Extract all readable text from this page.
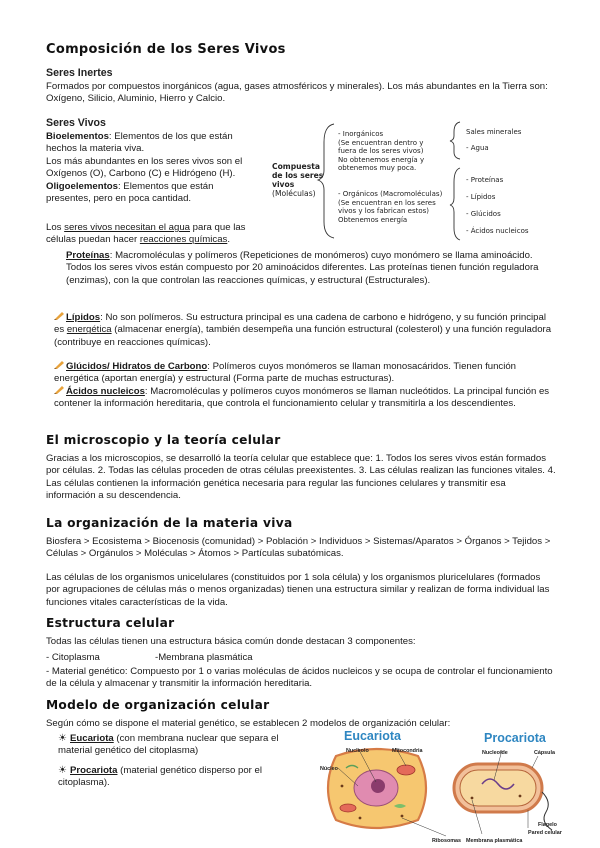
Composición de los Seres Vivos
Seres Inertes

Formados por compuestos inorgánicos (agua, gases atmosféricos y minerales). Los más abundantes en la Tierra son: Oxígeno, Silicio, Aluminio, Hierro y Calcio.

Seres Vivos

Bioelementos: Elementos de los que están hechos la materia viva.

Los más abundantes en los seres vivos son el Oxígenos (O), Carbono (C) e Hidrógeno (H).

Oligoelementos: Elementos que están presentes, pero en poca cantidad.

Los seres vivos necesitan el agua para que las células puedan hacer reacciones químicas.

Compuesta de los seres vivos
(Moléculas)
- Inorgánicos
(Se encuentran dentro y
fuera de los seres vivos)
No obtenemos energía y
obtenemos muy poca.
- Orgánicos (Macromoléculas)
(Se encuentran en los seres
vivos y los fabrican estos)
Obtenemos energía
Sales minerales
- Agua
- Proteínas
- Lípidos
- Glúcidos
- Ácidos nucleicos

Proteínas: Macromoléculas y polímeros (Repeticiones de monómeros) cuyo monómero se llama aminoácido. Todos los seres vivos están compuesto por 20 aminoácidos diferentes. Las proteínas tienen función reguladora (enzimas), con la que controlan las reacciones químicas, y estructural (Estructurales).

Lípidos: No son polímeros. Su estructura principal es una cadena de carbono e hidrógeno, y su función principal es energética (almacenar energía), también desempeña una función estructural (colesterol) y una función reguladora (contribuye en reacciones químicas).

Glúcidos/ Hidratos de Carbono: Polímeros cuyos monómeros se llaman monosacáridos. Tienen función energética (aportan energía) y estructural (Forma parte de muchas estructuras).

Ácidos nucleicos: Macromoléculas y polímeros cuyos monómeros se llaman nucleótidos. La principal función es contener la información hereditaria, que controla el funcionamiento celular y transmitirla a los descendientes.

El microscopio y la teoría celular

Gracias a los microscopios, se desarrolló la teoría celular que establece que: 1. Todos los seres vivos están formados por células. 2. Todas las células proceden de otras células preexistentes. 3. Las células realizan las funciones vitales. 4. Las células contienen la información genética necesaria para regular las funciones celulares y transmitir esa información a su descendencia.

La organización de la materia viva

Biosfera > Ecosistema > Biocenosis (comunidad) > Población > Individuos > Sistemas/Aparatos > Órganos > Tejidos > Células > Orgánulos > Moléculas > Átomos > Partículas subatómicas.

Las células de los organismos unicelulares (constituidos por 1 sola célula) y los organismos pluricelulares (formados por agrupaciones de células más o menos organizadas) tienen una estructura similar y realizan de forma individual las funciones vitales características de la vida.

Estructura celular

Todas las células tienen una estructura básica común donde destacan 3 componentes:

- Citoplasma	-Membrana plasmática

- Material genético: Compuesto por 1 o varias moléculas de ácidos nucleicos y se ocupa de controlar el funcionamiento de la célula y almacenar y transmitir la información hereditaria.

Modelo de organización celular

Según cómo se dispone el material genético, se establecen 2 modelos de organización celular:

☀ Eucariota (con membrana nuclear que separa el material genético del citoplasma)

☀ Procariota (material genético disperso por el citoplasma).

Eucariota	Procariota
Nucleolo	Mitocondria
Núcleo
Ribosomas Membrana plasmática
Nucleoide	Cápsula
Flagelo
Pared celular
